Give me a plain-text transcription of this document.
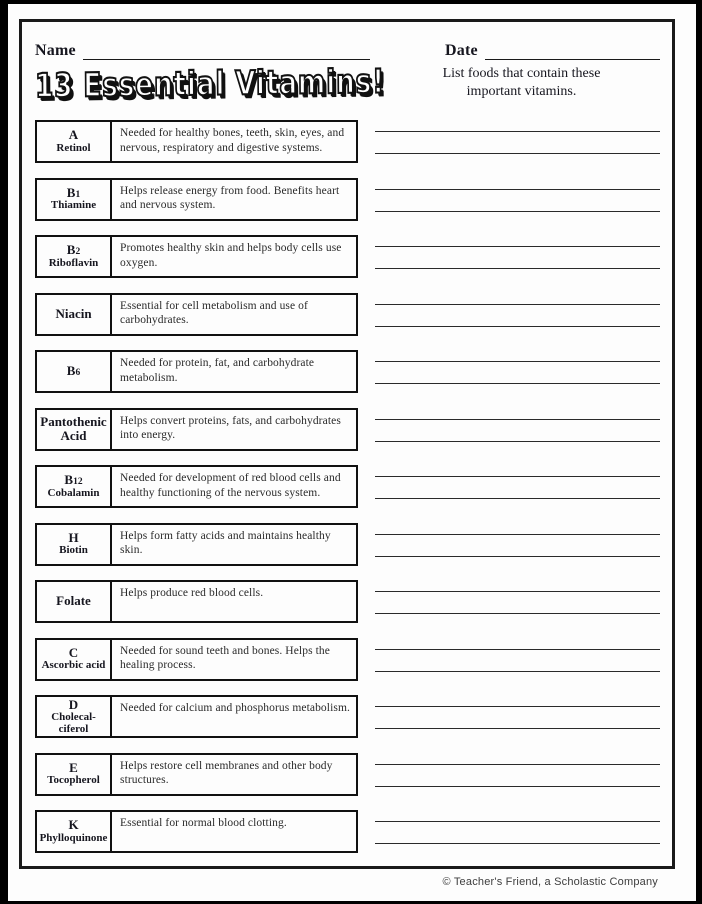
Name	Date
13 Essential Vitamins!	List foods that contain these
important vitamins.
A
Retinol
Needed for healthy bones, teeth, skin, eyes, and nervous, respiratory and digestive systems.
B1
Thiamine
Helps release energy from food. Benefits heart and nervous system.
B2
Riboflavin
Promotes healthy skin and helps body cells use oxygen.
Niacin
Essential for cell metabolism and use of carbohydrates.
B6
Needed for protein, fat, and carbohydrate metabolism.
Pantothenic Acid
Helps convert proteins, fats, and carbohydrates into energy.
B12
Cobalamin
Needed for development of red blood cells and healthy functioning of the nervous system.
H
Biotin
Helps form fatty acids and maintains healthy skin.
Folate
Helps produce red blood cells.
C
Ascorbic acid
Needed for sound teeth and bones. Helps the healing process.
D
Cholecal-ciferol
Needed for calcium and phosphorus metabolism.
E
Tocopherol
Helps restore cell membranes and other body structures.
K
Phylloquinone
Essential for normal blood clotting.
© Teacher's Friend, a Scholastic Company
